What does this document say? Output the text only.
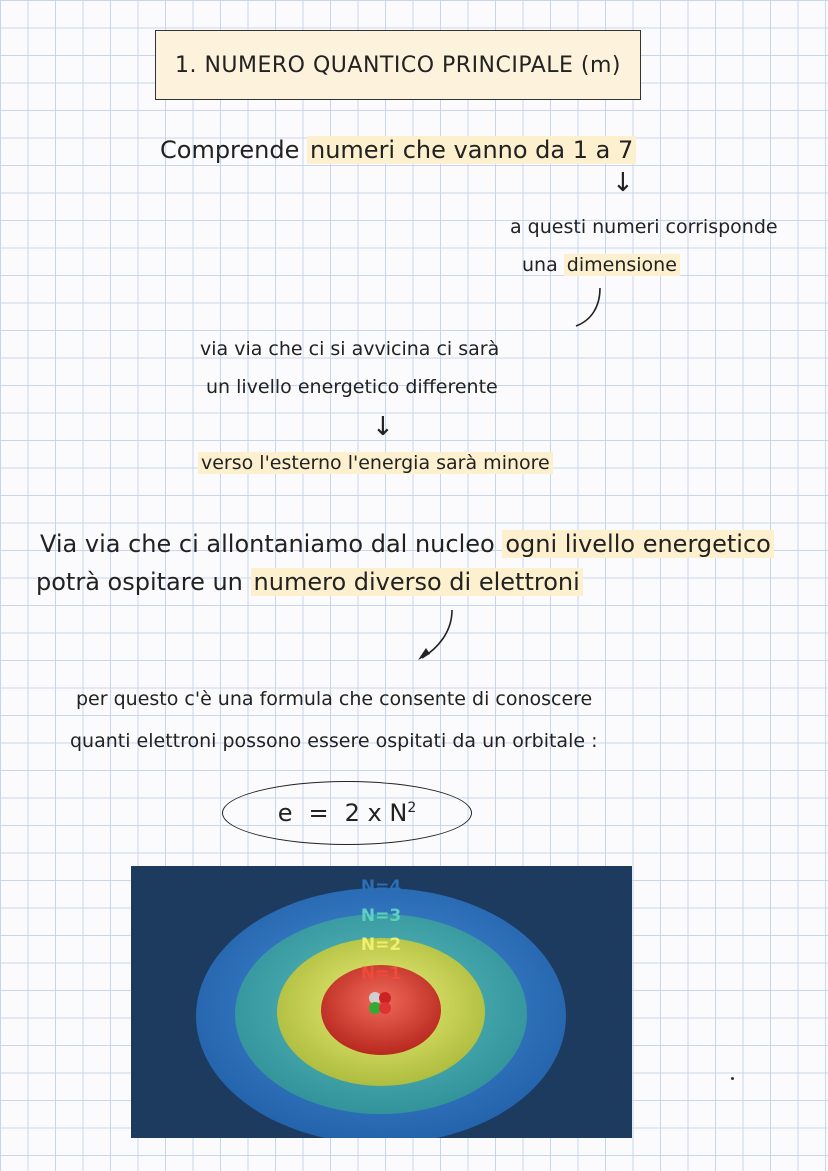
1. NUMERO QUANTICO PRINCIPALE (m)
Comprende numeri che vanno da 1 a 7
↓
a questi numeri corrisponde
una dimensione
via via che ci si avvicina ci sarà
un livello energetico differente
↓
verso l'esterno l'energia sarà minore
Via via che ci allontaniamo dal nucleo ogni livello energetico
potrà ospitare un numero diverso di elettroni
per questo c'è una formula che consente di conoscere
quanti elettroni possono essere ospitati da un orbitale :
e = 2 x $N^2$
N=4
N=3
N=2
N=1
